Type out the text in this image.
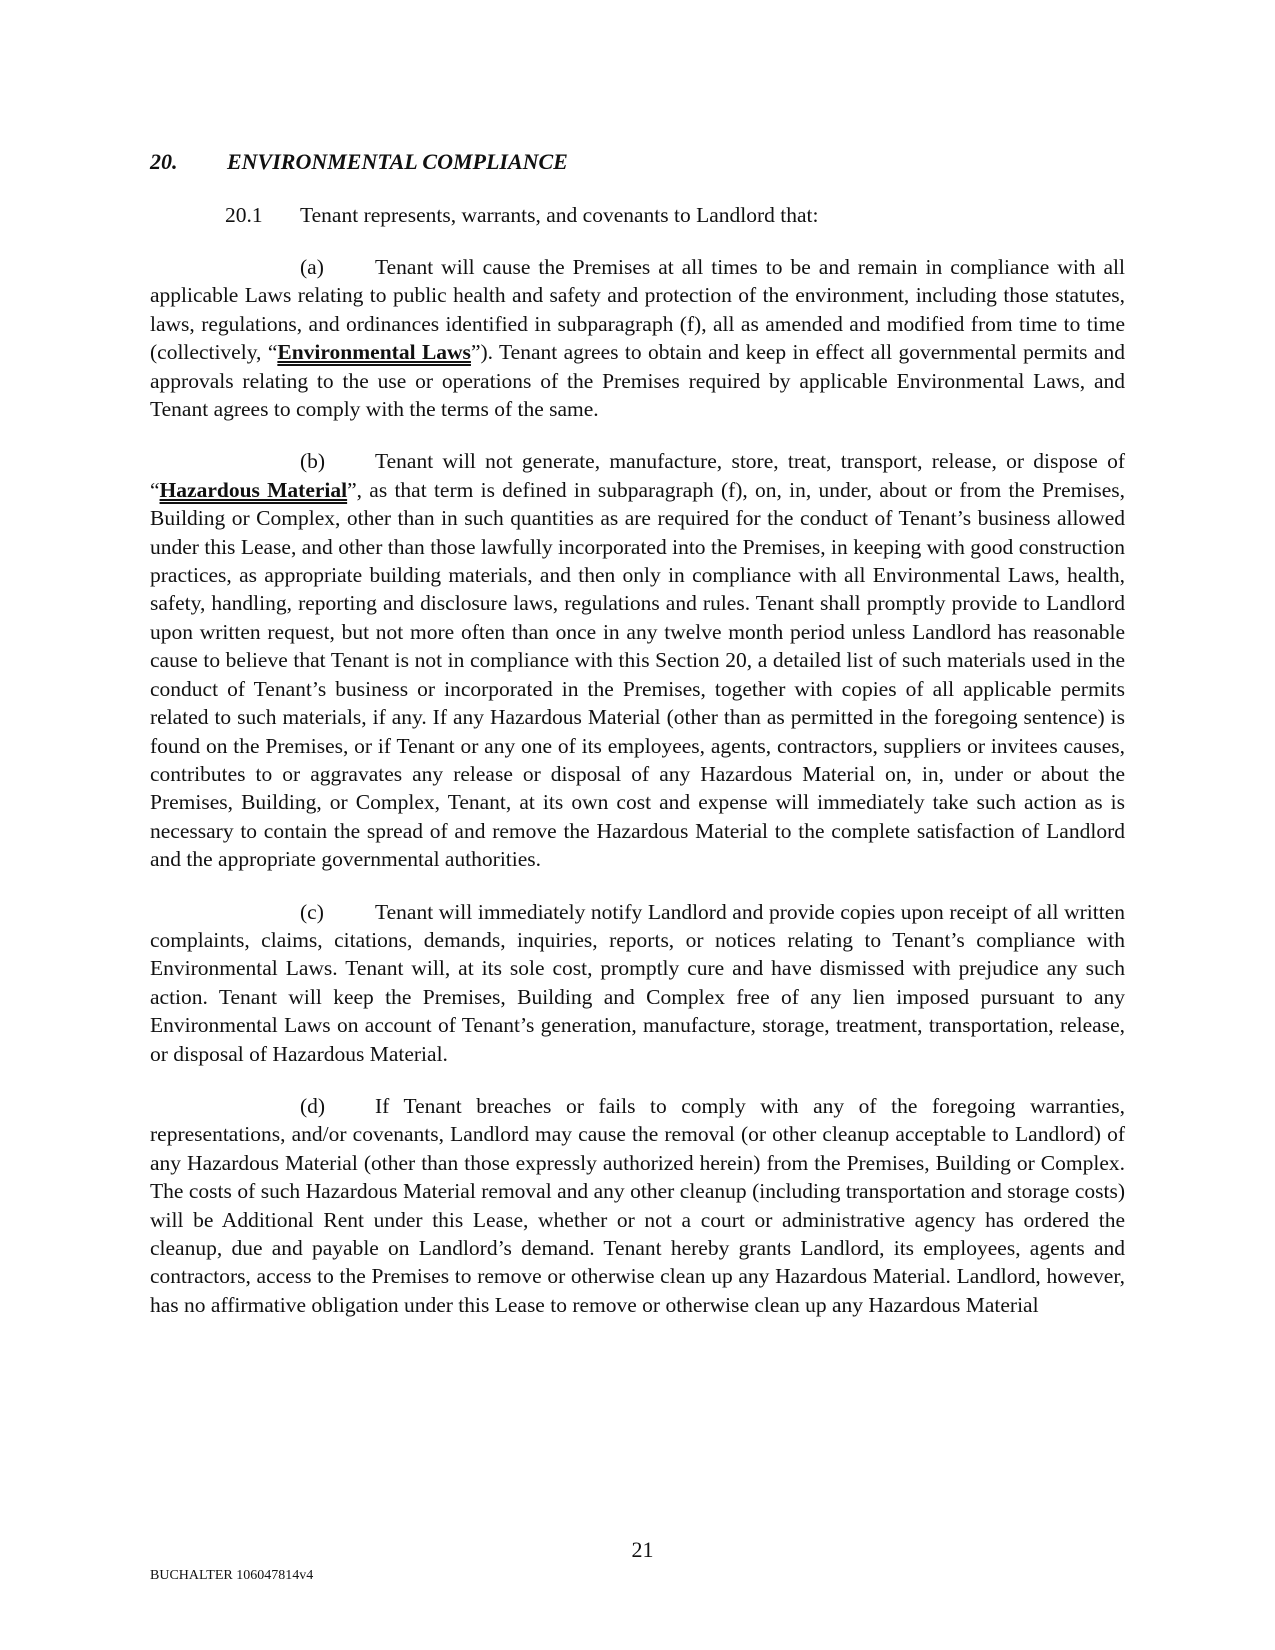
20. ENVIRONMENTAL COMPLIANCE
20.1 Tenant represents, warrants, and covenants to Landlord that:

(a) Tenant will cause the Premises at all times to be and remain in compliance with all applicable Laws relating to public health and safety and protection of the environment, including those statutes, laws, regulations, and ordinances identified in subparagraph (f), all as amended and modified from time to time (collectively, “Environmental Laws”). Tenant agrees to obtain and keep in effect all governmental permits and approvals relating to the use or operations of the Premises required by applicable Environmental Laws, and Tenant agrees to comply with the terms of the same.

(b) Tenant will not generate, manufacture, store, treat, transport, release, or dispose of “Hazardous Material”, as that term is defined in subparagraph (f), on, in, under, about or from the Premises, Building or Complex, other than in such quantities as are required for the conduct of Tenant’s business allowed under this Lease, and other than those lawfully incorporated into the Premises, in keeping with good construction practices, as appropriate building materials, and then only in compliance with all Environmental Laws, health, safety, handling, reporting and disclosure laws, regulations and rules. Tenant shall promptly provide to Landlord upon written request, but not more often than once in any twelve month period unless Landlord has reasonable cause to believe that Tenant is not in compliance with this Section 20, a detailed list of such materials used in the conduct of Tenant’s business or incorporated in the Premises, together with copies of all applicable permits related to such materials, if any. If any Hazardous Material (other than as permitted in the foregoing sentence) is found on the Premises, or if Tenant or any one of its employees, agents, contractors, suppliers or invitees causes, contributes to or aggravates any release or disposal of any Hazardous Material on, in, under or about the Premises, Building, or Complex, Tenant, at its own cost and expense will immediately take such action as is necessary to contain the spread of and remove the Hazardous Material to the complete satisfaction of Landlord and the appropriate governmental authorities.

(c) Tenant will immediately notify Landlord and provide copies upon receipt of all written complaints, claims, citations, demands, inquiries, reports, or notices relating to Tenant’s compliance with Environmental Laws. Tenant will, at its sole cost, promptly cure and have dismissed with prejudice any such action. Tenant will keep the Premises, Building and Complex free of any lien imposed pursuant to any Environmental Laws on account of Tenant’s generation, manufacture, storage, treatment, transportation, release, or disposal of Hazardous Material.

(d) If Tenant breaches or fails to comply with any of the foregoing warranties, representations, and/or covenants, Landlord may cause the removal (or other cleanup acceptable to Landlord) of any Hazardous Material (other than those expressly authorized herein) from the Premises, Building or Complex. The costs of such Hazardous Material removal and any other cleanup (including transportation and storage costs) will be Additional Rent under this Lease, whether or not a court or administrative agency has ordered the cleanup, due and payable on Landlord’s demand. Tenant hereby grants Landlord, its employees, agents and contractors, access to the Premises to remove or otherwise clean up any Hazardous Material. Landlord, however, has no affirmative obligation under this Lease to remove or otherwise clean up any Hazardous Material

21
BUCHALTER 106047814v4
